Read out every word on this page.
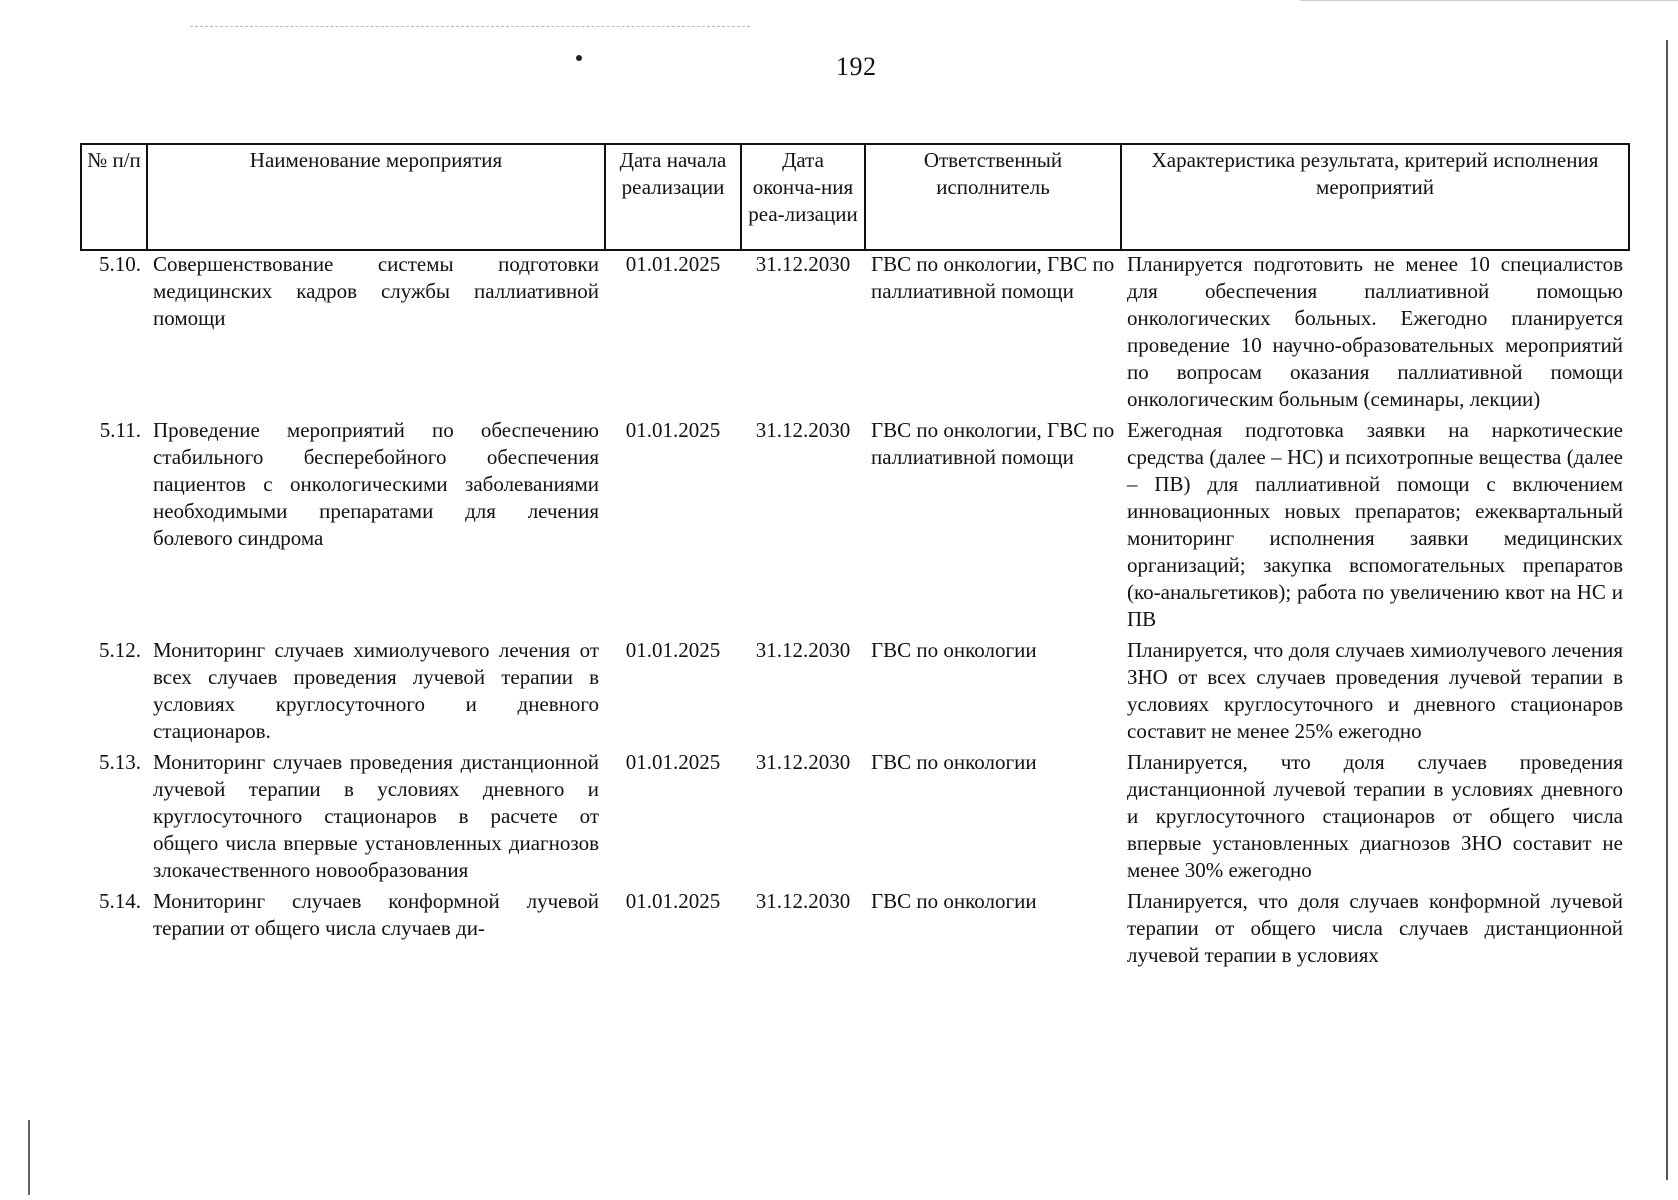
192
№ п/п	Наименование мероприятия	Дата начала реализации	Дата оконча-ния реа-лизации	Ответственный исполнитель	Характеристика результата, критерий исполнения мероприятий
5.10.	Совершенствование системы подготовки медицинских кадров службы паллиативной помощи	01.01.2025	31.12.2030	ГВС по онкологии, ГВС по паллиативной помощи	Планируется подготовить не менее 10 специалистов для обеспечения паллиативной помощью онкологических больных. Ежегодно планируется проведение 10 научно-образовательных мероприятий по вопросам оказания паллиативной помощи онкологическим больным (семинары, лекции)
5.11.	Проведение мероприятий по обеспечению стабильного бесперебойного обеспечения пациентов с онкологическими заболеваниями необходимыми препаратами для лечения болевого синдрома	01.01.2025	31.12.2030	ГВС по онкологии, ГВС по паллиативной помощи	Ежегодная подготовка заявки на наркотические средства (далее – НС) и психотропные вещества (далее – ПВ) для паллиативной помощи с включением инновационных новых препаратов; ежеквартальный мониторинг исполнения заявки медицинских организаций; закупка вспомогательных препаратов (ко-анальгетиков); работа по увеличению квот на НС и ПВ
5.12.	Мониторинг случаев химиолучевого лечения от всех случаев проведения лучевой терапии в условиях круглосуточного и дневного стационаров.	01.01.2025	31.12.2030	ГВС по онкологии	Планируется, что доля случаев химиолучевого лечения ЗНО от всех случаев проведения лучевой терапии в условиях круглосуточного и дневного стационаров составит не менее 25% ежегодно
5.13.	Мониторинг случаев проведения дистанционной лучевой терапии в условиях дневного и круглосуточного стационаров в расчете от общего числа впервые установленных диагнозов злокачественного новообразования	01.01.2025	31.12.2030	ГВС по онкологии	Планируется, что доля случаев проведения дистанционной лучевой терапии в условиях дневного и круглосуточного стационаров от общего числа впервые установленных диагнозов ЗНО составит не менее 30% ежегодно
5.14.	Мониторинг случаев конформной лучевой терапии от общего числа случаев ди-	01.01.2025	31.12.2030	ГВС по онкологии	Планируется, что доля случаев конформной лучевой терапии от общего числа случаев дистанционной лучевой терапии в условиях
